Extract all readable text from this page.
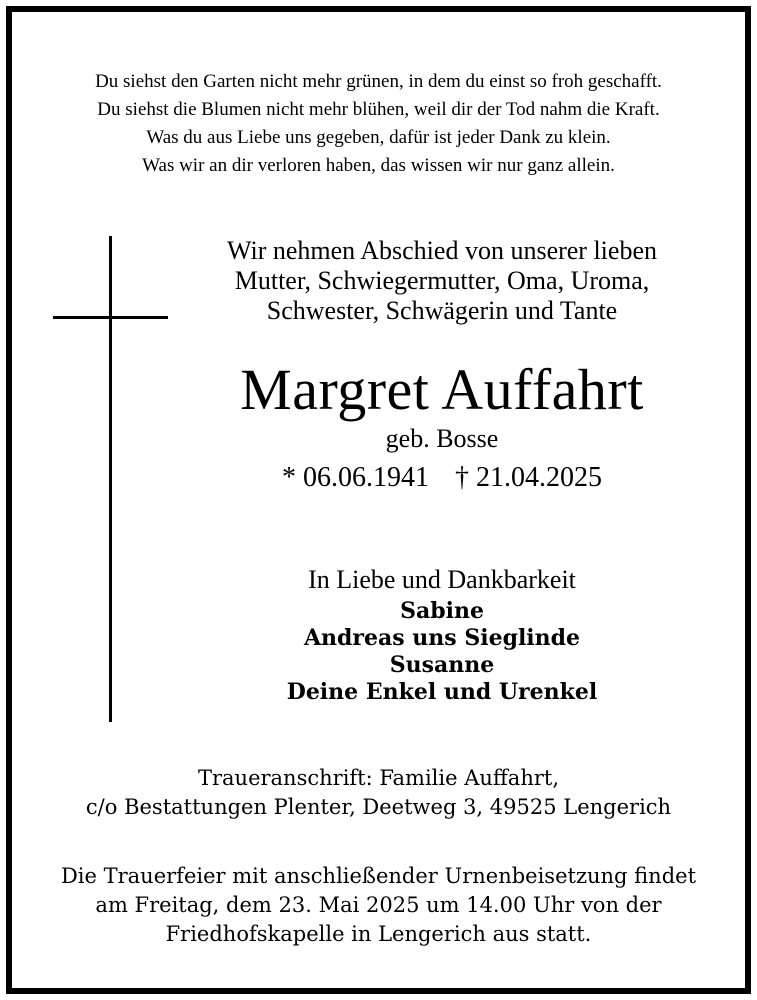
Du siehst den Garten nicht mehr grünen, in dem du einst so froh geschafft.
Du siehst die Blumen nicht mehr blühen, weil dir der Tod nahm die Kraft.
Was du aus Liebe uns gegeben, dafür ist jeder Dank zu klein.
Was wir an dir verloren haben, das wissen wir nur ganz allein.
Wir nehmen Abschied von unserer lieben
Mutter, Schwiegermutter, Oma, Uroma,
Schwester, Schwägerin und Tante
Margret Auffahrt
geb. Bosse
* 06.06.1941 † 21.04.2025
In Liebe und Dankbarkeit
Sabine
Andreas uns Sieglinde
Susanne
Deine Enkel und Urenkel
Traueranschrift: Familie Auffahrt,
c/o Bestattungen Plenter, Deetweg 3, 49525 Lengerich
Die Trauerfeier mit anschließender Urnenbeisetzung findet
am Freitag, dem 23. Mai 2025 um 14.00 Uhr von der
Friedhofskapelle in Lengerich aus statt.
